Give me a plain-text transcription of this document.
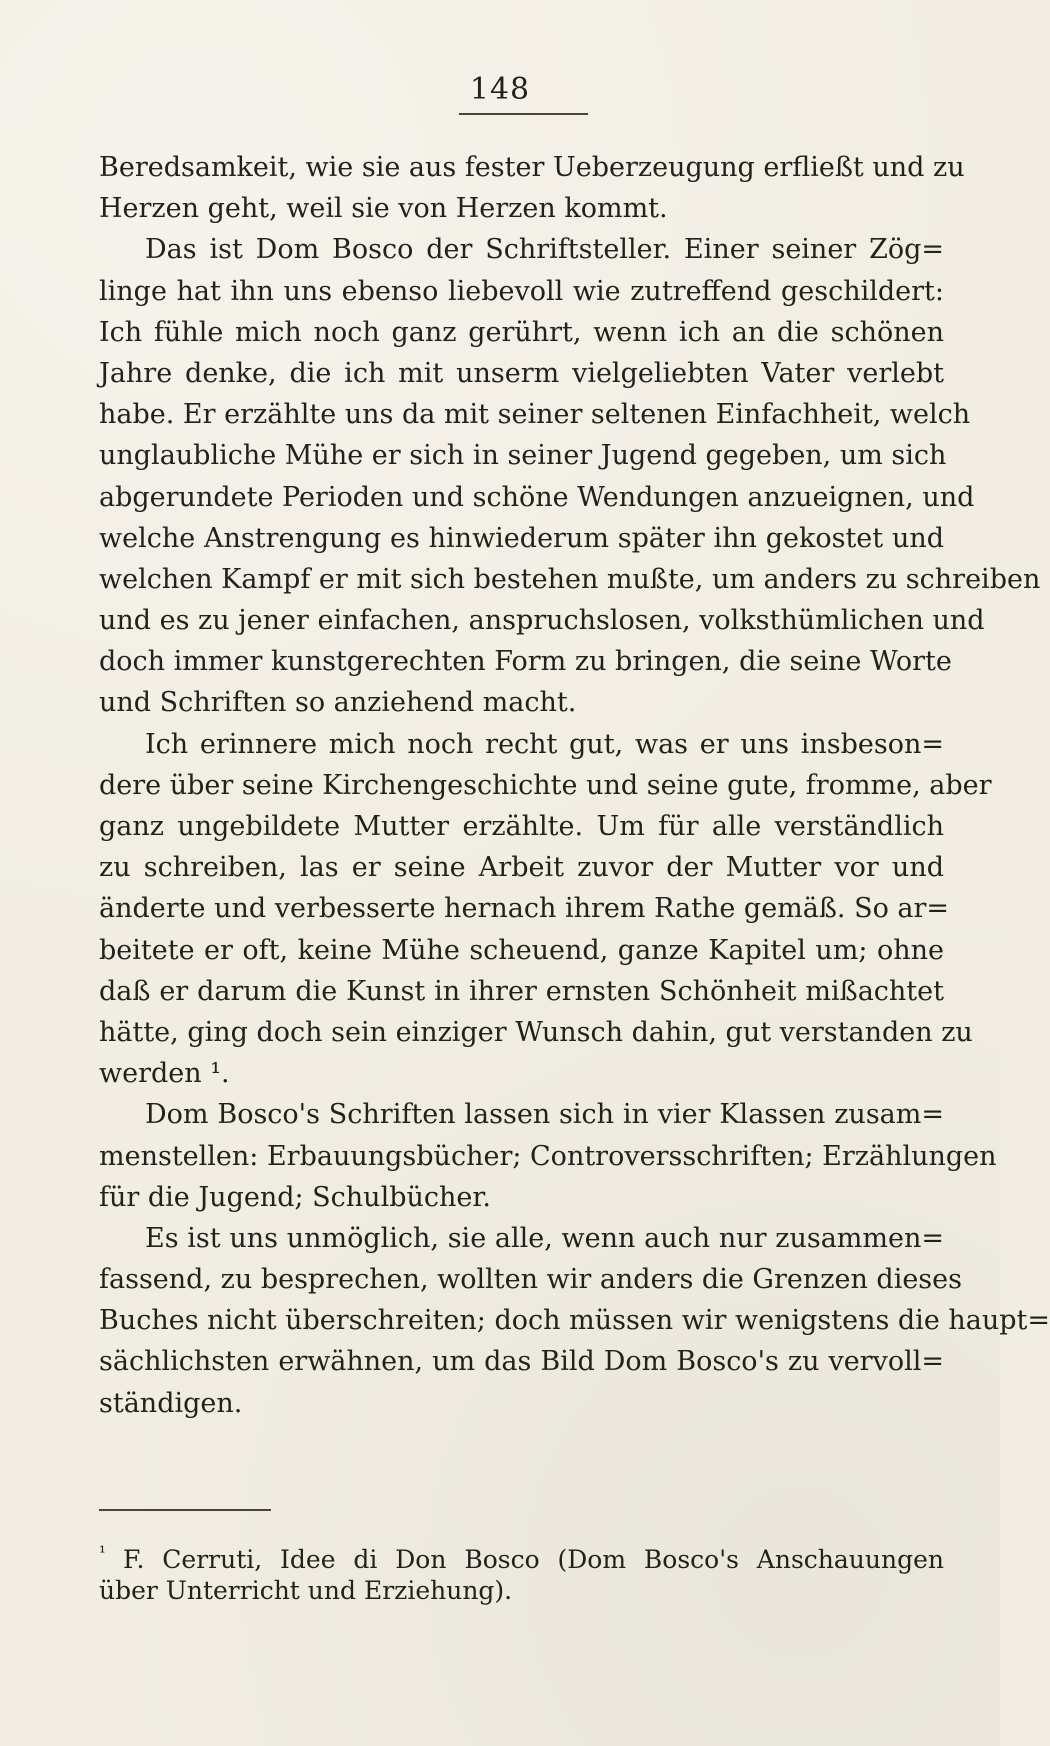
148
Beredsamkeit, wie sie aus fester Ueberzeugung erfließt und zu
Herzen geht, weil sie von Herzen kommt.
Das ist Dom Bosco der Schriftsteller. Einer seiner Zög=
linge hat ihn uns ebenso liebevoll wie zutreffend geschildert:
Ich fühle mich noch ganz gerührt, wenn ich an die schönen
Jahre denke, die ich mit unserm vielgeliebten Vater verlebt
habe. Er erzählte uns da mit seiner seltenen Einfachheit, welch
unglaubliche Mühe er sich in seiner Jugend gegeben, um sich
abgerundete Perioden und schöne Wendungen anzueignen, und
welche Anstrengung es hinwiederum später ihn gekostet und
welchen Kampf er mit sich bestehen mußte, um anders zu schreiben
und es zu jener einfachen, anspruchslosen, volksthümlichen und
doch immer kunstgerechten Form zu bringen, die seine Worte
und Schriften so anziehend macht.
Ich erinnere mich noch recht gut, was er uns insbeson=
dere über seine Kirchengeschichte und seine gute, fromme, aber
ganz ungebildete Mutter erzählte. Um für alle verständlich
zu schreiben, las er seine Arbeit zuvor der Mutter vor und
änderte und verbesserte hernach ihrem Rathe gemäß. So ar=
beitete er oft, keine Mühe scheuend, ganze Kapitel um; ohne
daß er darum die Kunst in ihrer ernsten Schönheit mißachtet
hätte, ging doch sein einziger Wunsch dahin, gut verstanden zu
werden ¹.
Dom Bosco's Schriften lassen sich in vier Klassen zusam=
menstellen: Erbauungsbücher; Controversschriften; Erzählungen
für die Jugend; Schulbücher.
Es ist uns unmöglich, sie alle, wenn auch nur zusammen=
fassend, zu besprechen, wollten wir anders die Grenzen dieses
Buches nicht überschreiten; doch müssen wir wenigstens die haupt=
sächlichsten erwähnen, um das Bild Dom Bosco's zu vervoll=
ständigen.
¹ F. Cerruti, Idee di Don Bosco (Dom Bosco's Anschauungen
über Unterricht und Erziehung).
